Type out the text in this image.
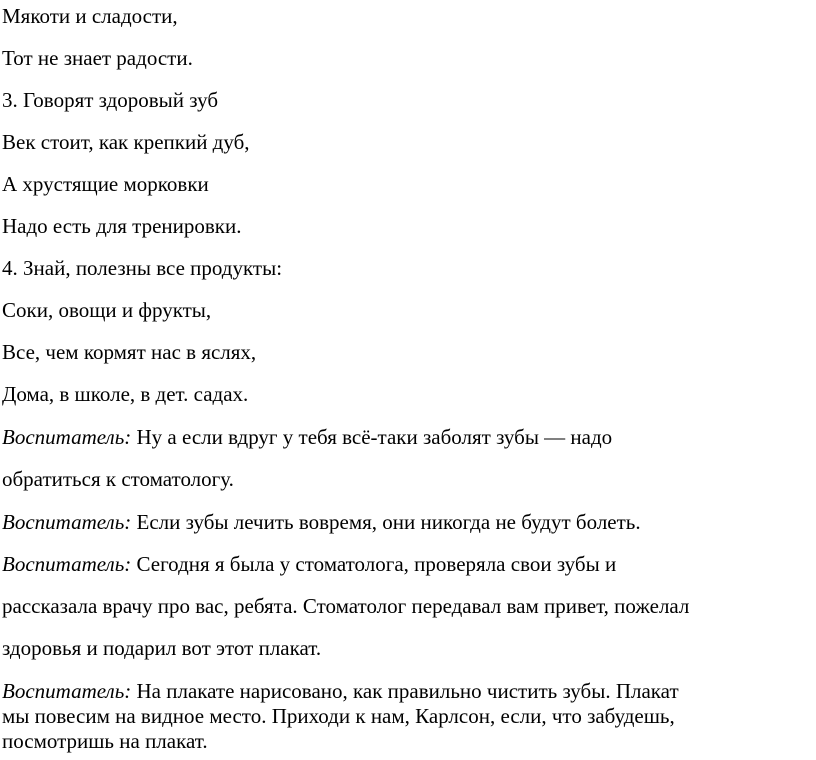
Мякоти и сладости,
Тот не знает радости.
3. Говорят здоровый зуб
Век стоит, как крепкий дуб,
А хрустящие морковки
Надо есть для тренировки.
4. Знай, полезны все продукты:
Соки, овощи и фрукты,
Все, чем кормят нас в яслях,
Дома, в школе, в дет. садах.
Воспитатель: Ну а если вдруг у тебя всё-таки заболят зубы — надо
обратиться к стоматологу.
Воспитатель: Если зубы лечить вовремя, они никогда не будут болеть.
Воспитатель: Сегодня я была у стоматолога, проверяла свои зубы и
рассказала врачу про вас, ребята. Стоматолог передавал вам привет, пожелал
здоровья и подарил вот этот плакат.
Воспитатель: На плакате нарисовано, как правильно чистить зубы. Плакат
мы повесим на видное место. Приходи к нам, Карлсон, если, что забудешь,
посмотришь на плакат.
